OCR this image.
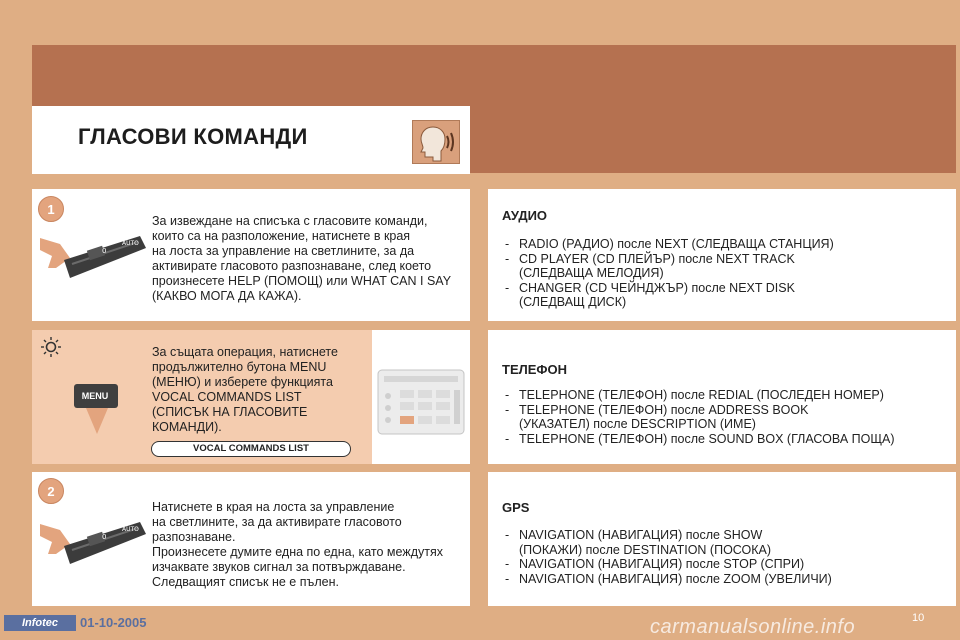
ГЛАСОВИ КОМАНДИ
1
0
AUTO
За извеждане на списъка с гласовите команди,
които са на разположение, натиснете в края
на лоста за управление на светлините, за да
активирате гласовото разпознаване, след което
произнесете HELP (ПОМОЩ) или WHAT CAN I SAY
(КАКВО МОГА ДА КАЖА).
MENU
За същата операция, натиснете
продължително бутона MENU
(МЕНЮ) и изберете функцията
VOCAL COMMANDS LIST
(СПИСЪК НА ГЛАСОВИТЕ
КОМАНДИ).
VOCAL COMMANDS LIST
2
0
AUTO
Натиснете в края на лоста за управление
на светлините, за да активирате гласовото
разпознаване.
Произнесете думите една по една, като междутях
изчаквате звуков сигнал за потвърждаване.
Следващият списък не е пълен.
АУДИО
- RADIO (РАДИО) после NEXT (СЛЕДВАЩА СТАНЦИЯ)
- CD PLAYER (CD ПЛЕЙЪР) после NEXT TRACK
(СЛЕДВАЩА МЕЛОДИЯ)
- CHANGER (CD ЧЕЙНДЖЪР) после NEXT DISK
(СЛЕДВАЩ ДИСК)
ТЕЛЕФОН
- TELEPHONE (ТЕЛЕФОН) после REDIAL (ПОСЛЕДЕН НОМЕР)
- TELEPHONE (ТЕЛЕФОН) после ADDRESS BOOK
(УКАЗАТЕЛ) после DESCRIPTION (ИМЕ)
- TELEPHONE (ТЕЛЕФОН) после SOUND BOX (ГЛАСОВА ПОЩА)
GPS
- NAVIGATION (НАВИГАЦИЯ) после SHOW
(ПОКАЖИ) после DESTINATION (ПОСОКА)
- NAVIGATION (НАВИГАЦИЯ) после STOP (СПРИ)
- NAVIGATION (НАВИГАЦИЯ) после ZOOM (УВЕЛИЧИ)
Infotec	01-10-2005	carmanualsonline.info	10
